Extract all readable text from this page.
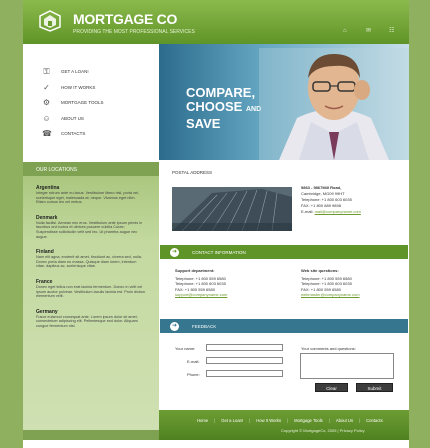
MORTGAGE CO
PROVIDING THE MOST PROFESSIONAL SERVICES	⌂	✉	☷
⚿	GET A LOAN!
✓ HOW IT WORKS
⚙ MORTGAGE TOOLS
☺ ABOUT US
☎ CONTACTS
COMPARE,
CHOOSE AND
SAVE
OUR LOCATIONS
Argentina
Integer rutrum ante eu lacus. Vestibulum libero nisl, porta vel, scelerisque eget, malesuada at, neque. Vivamus eget nibh. Etiam cursus leo vel metus.
Denmark
Nulla facilisi. Aenean nec eros. Vestibulum ante ipsum primis in faucibus orci luctus et ultrices posuere cubilia Curae; Suspendisse sollicitudin velit sed leo. Ut pharetra augue nec augue.
Finland
Nam elit agna, endrerit sit amet, tincidunt ac, viverra sed, nulla. Donec porta diam eu massa. Quisque diam lorem, interdum vitae, dapibus ac, scelerisque vitae.
France
Donec eget tellus non erat lacinia fermentum. Donec in velit vel ipsum auctor pulvinar. Vestibulum iaculis lacinia est. Proin dictum elementum velit.
Germany
Fusce euismod consequat ante. Lorem ipsum dolor sit amet, consectetuer adipiscing elit. Pellentesque sed dolor. Aliquam congue fermentum nisl.
POSTAL ADDRESS
9863 - 9867Mill Road,
Cambridge, MG09 99HT
Telephone: +1 800 603 6035
FAX: +1 800 889 9898
E-mail: mail@companyname.com
➜	CONTACT INFORMATION
Support department:
Telephone: +1 800 559 6580
Telephone: +1 800 603 6035
FAX: +1 800 559 6580
support@companyname.com
Web site questions:
Telephone: +1 800 559 6580
Telephone: +1 800 603 6035
FAX: +1 800 559 6580
webmaster@companyname.com
➜	FEEDBACK
Your name:
E-mail:
Phone:
Your comments and questions:
Clear	Submit
Home | Get a Loan! | How It Works | Mortgage Tools | About Us | Contacts
Copyright © MortgageCo, 2005 | Privacy Policy
